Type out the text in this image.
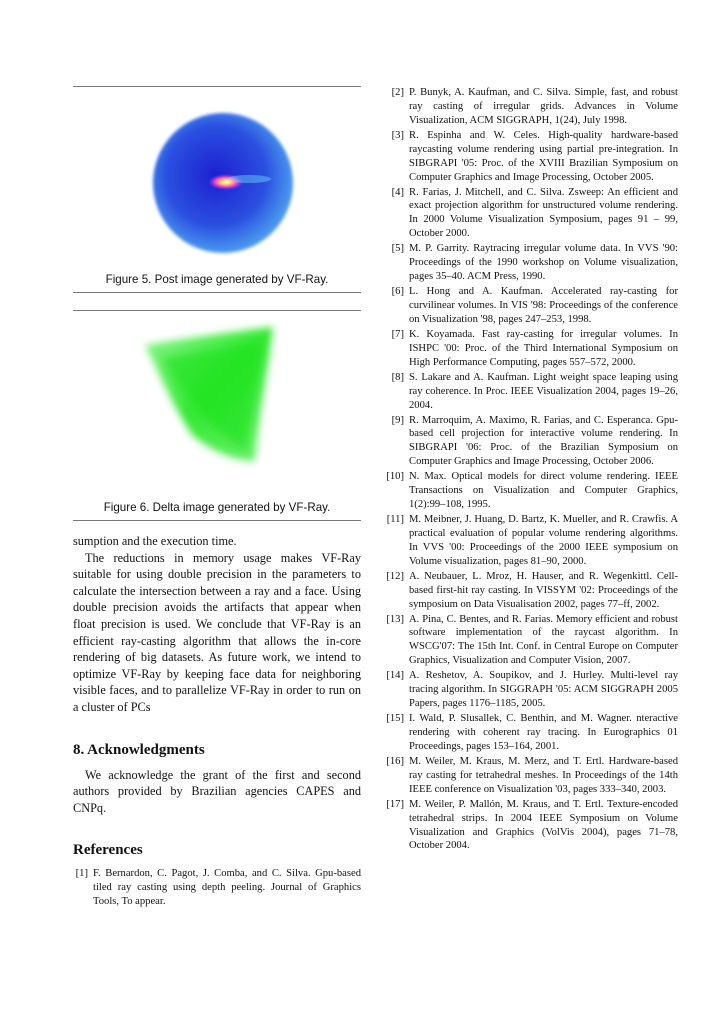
Figure 5. Post image generated by VF-Ray.
Figure 6. Delta image generated by VF-Ray.

sumption and the execution time.

The reductions in memory usage makes VF-Ray suitable for using double precision in the parameters to calculate the intersection between a ray and a face. Using double precision avoids the artifacts that appear when float precision is used. We conclude that VF-Ray is an efficient ray-casting algorithm that allows the in-core rendering of big datasets. As future work, we intend to optimize VF-Ray by keeping face data for neighboring visible faces, and to parallelize VF-Ray in order to run on a cluster of PCs

8. Acknowledgments

We acknowledge the grant of the first and second authors provided by Brazilian agencies CAPES and CNPq.

References
[1] F. Bernardon, C. Pagot, J. Comba, and C. Silva. Gpu-based tiled ray casting using depth peeling. Journal of Graphics Tools, To appear.
[2] P. Bunyk, A. Kaufman, and C. Silva. Simple, fast, and robust ray casting of irregular grids. Advances in Volume Visualization, ACM SIGGRAPH, 1(24), July 1998.
[3] R. Espinha and W. Celes. High-quality hardware-based raycasting volume rendering using partial pre-integration. In SIBGRAPI '05: Proc. of the XVIII Brazilian Symposium on Computer Graphics and Image Processing, October 2005.
[4] R. Farias, J. Mitchell, and C. Silva. Zsweep: An efficient and exact projection algorithm for unstructured volume rendering. In 2000 Volume Visualization Symposium, pages 91 – 99, October 2000.
[5] M. P. Garrity. Raytracing irregular volume data. In VVS '90: Proceedings of the 1990 workshop on Volume visualization, pages 35–40. ACM Press, 1990.
[6] L. Hong and A. Kaufman. Accelerated ray-casting for curvilinear volumes. In VIS '98: Proceedings of the conference on Visualization '98, pages 247–253, 1998.
[7] K. Koyamada. Fast ray-casting for irregular volumes. In ISHPC '00: Proc. of the Third International Symposium on High Performance Computing, pages 557–572, 2000.
[8] S. Lakare and A. Kaufman. Light weight space leaping using ray coherence. In Proc. IEEE Visualization 2004, pages 19–26, 2004.
[9] R. Marroquim, A. Maximo, R. Farias, and C. Esperanca. Gpu-based cell projection for interactive volume rendering. In SIBGRAPI '06: Proc. of the Brazilian Symposium on Computer Graphics and Image Processing, October 2006.
[10] N. Max. Optical models for direct volume rendering. IEEE Transactions on Visualization and Computer Graphics, 1(2):99–108, 1995.
[11] M. Meibner, J. Huang, D. Bartz, K. Mueller, and R. Crawfis. A practical evaluation of popular volume rendering algorithms. In VVS '00: Proceedings of the 2000 IEEE symposium on Volume visualization, pages 81–90, 2000.
[12] A. Neubauer, L. Mroz, H. Hauser, and R. Wegenkittl. Cell-based first-hit ray casting. In VISSYM '02: Proceedings of the symposium on Data Visualisation 2002, pages 77–ff, 2002.
[13] A. Pina, C. Bentes, and R. Farias. Memory efficient and robust software implementation of the raycast algorithm. In WSCG'07: The 15th Int. Conf. in Central Europe on Computer Graphics, Visualization and Computer Vision, 2007.
[14] A. Reshetov, A. Soupikov, and J. Hurley. Multi-level ray tracing algorithm. In SIGGRAPH '05: ACM SIGGRAPH 2005 Papers, pages 1176–1185, 2005.
[15] I. Wald, P. Slusallek, C. Benthin, and M. Wagner. nteractive rendering with coherent ray tracing. In Eurographics 01 Proceedings, pages 153–164, 2001.
[16] M. Weiler, M. Kraus, M. Merz, and T. Ertl. Hardware-based ray casting for tetrahedral meshes. In Proceedings of the 14th IEEE conference on Visualization '03, pages 333–340, 2003.
[17] M. Weiler, P. Mallón, M. Kraus, and T. Ertl. Texture-encoded tetrahedral strips. In 2004 IEEE Symposium on Volume Visualization and Graphics (VolVis 2004), pages 71–78, October 2004.
